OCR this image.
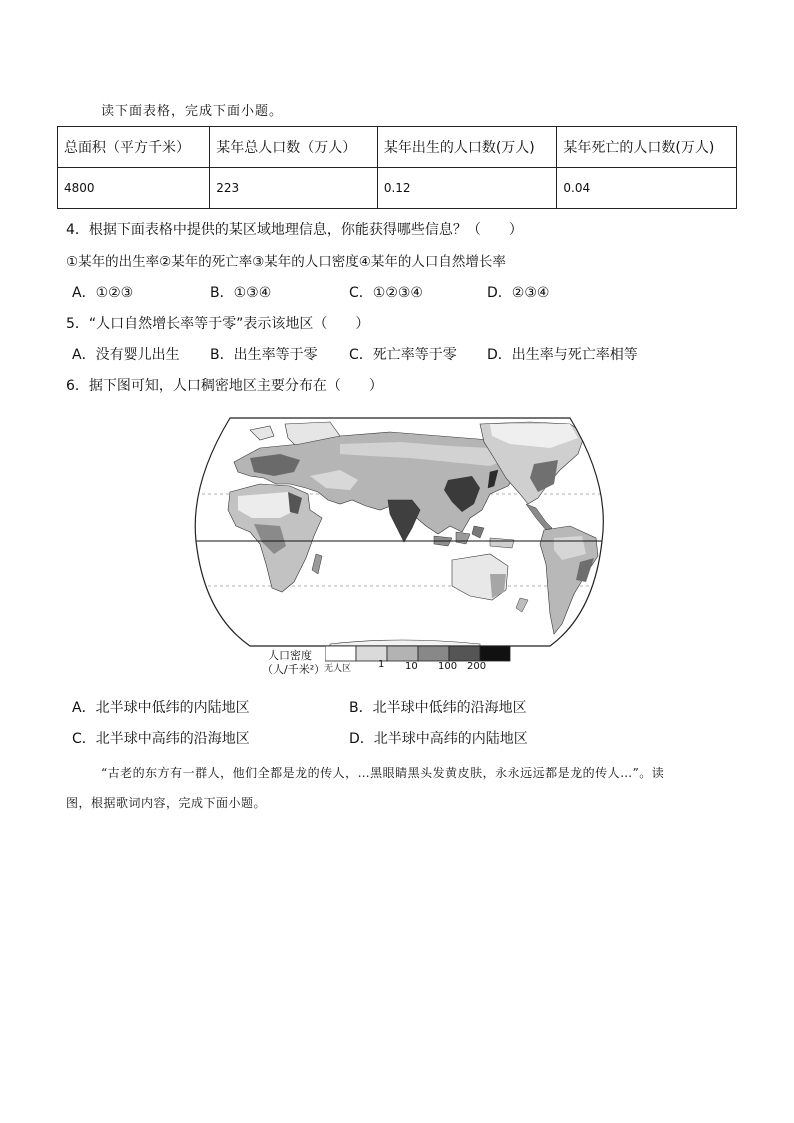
读下面表格，完成下面小题。
总面积（平方千米）	某年总人口数（万人）	某年出生的人口数(万人)	某年死亡的人口数(万人)
4800	223	0.12	0.04
4．根据下面表格中提供的某区域地理信息，你能获得哪些信息？（　　）
①某年的出生率②某年的死亡率③某年的人口密度④某年的人口自然增长率
A．①②③	B．①③④	C．①②③④	D．②③④
5．“人口自然增长率等于零”表示该地区（　　）
A．没有婴儿出生 B．出生率等于零 C．死亡率等于零 D．出生率与死亡率相等
6．据下图可知，人口稠密地区主要分布在（　　）
人口密度
（人/千米²）
无人区	1 10 100 200
A．北半球中低纬的内陆地区	B．北半球中低纬的沿海地区
C．北半球中高纬的沿海地区	D．北半球中高纬的内陆地区
“古老的东方有一群人，他们全都是龙的传人，…黑眼睛黑头发黄皮肤，永永远远都是龙的传人…”。读
图，根据歌词内容，完成下面小题。
